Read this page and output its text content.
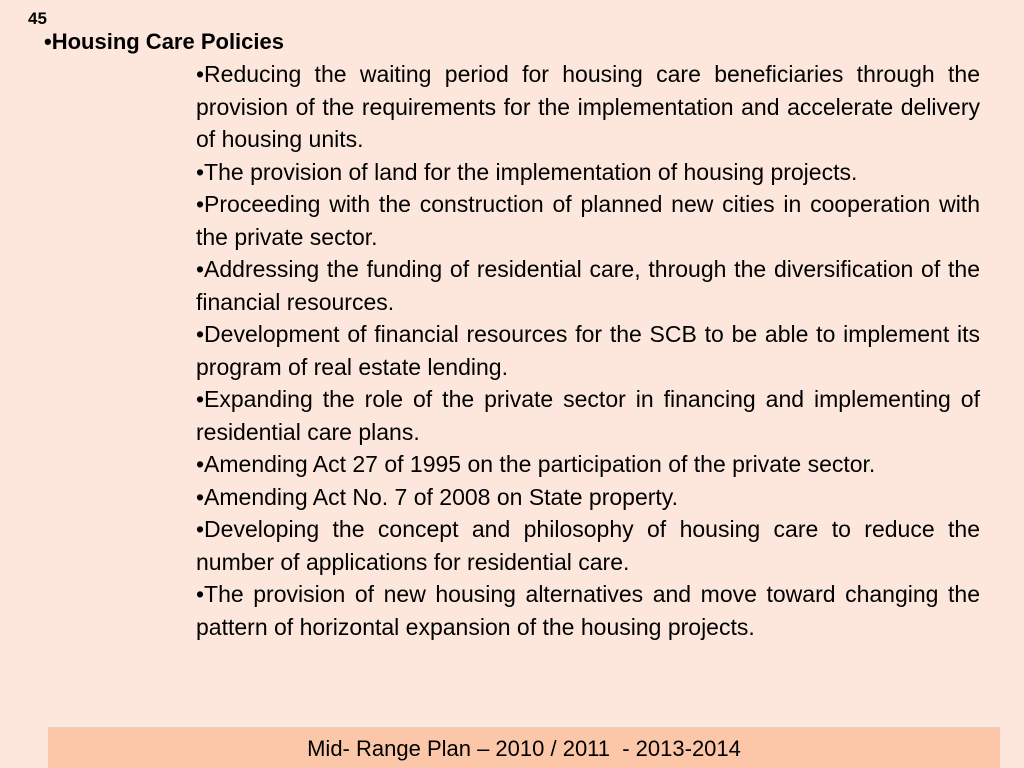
45
•Housing Care Policies
•Reducing the waiting period for housing care beneficiaries through the provision of the requirements for the implementation and accelerate delivery of housing units.
•The provision of land for the implementation of housing projects.
•Proceeding with the construction of planned new cities in cooperation with the private sector.
•Addressing the funding of residential care, through the diversification of the financial resources.
•Development of financial resources for the SCB to be able to implement its program of real estate lending.
•Expanding the role of the private sector in financing and implementing of residential care plans.
•Amending Act 27 of 1995 on the participation of the private sector.
•Amending Act No. 7 of 2008 on State property.
•Developing the concept and philosophy of housing care to reduce the number of applications for residential care.
•The provision of new housing alternatives and move toward changing the pattern of horizontal expansion of the housing projects.
Mid- Range Plan – 2010 / 2011  - 2013-2014
